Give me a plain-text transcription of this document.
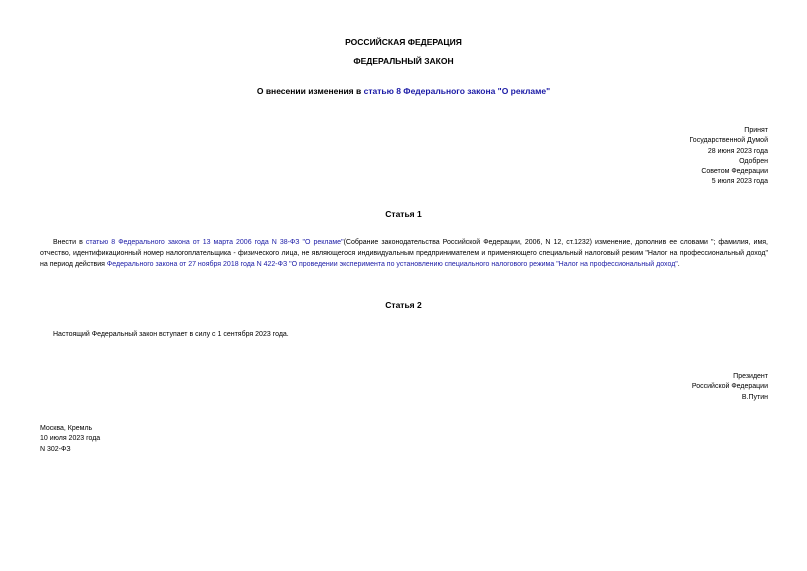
РОССИЙСКАЯ ФЕДЕРАЦИЯ
ФЕДЕРАЛЬНЫЙ ЗАКОН
О внесении изменения в статью 8 Федерального закона "О рекламе"
Принят
Государственной Думой
28 июня 2023 года
Одобрен
Советом Федерации
5 июля 2023 года
Статья 1
Внести в статью 8 Федерального закона от 13 марта 2006 года N 38-ФЗ "О рекламе"(Собрание законодательства Российской Федерации, 2006, N 12, ст.1232) изменение, дополнив ее словами "; фамилия, имя, отчество, идентификационный номер налогоплательщика - физического лица, не являющегося индивидуальным предпринимателем и применяющего специальный налоговый режим "Налог на профессиональный доход" на период действия Федерального закона от 27 ноября 2018 года N 422-ФЗ "О проведении эксперимента по установлению специального налогового режима "Налог на профессиональный доход".
Статья 2
Настоящий Федеральный закон вступает в силу с 1 сентября 2023 года.
Президент
Российской Федерации
В.Путин
Москва, Кремль
10 июля 2023 года
N 302-ФЗ
